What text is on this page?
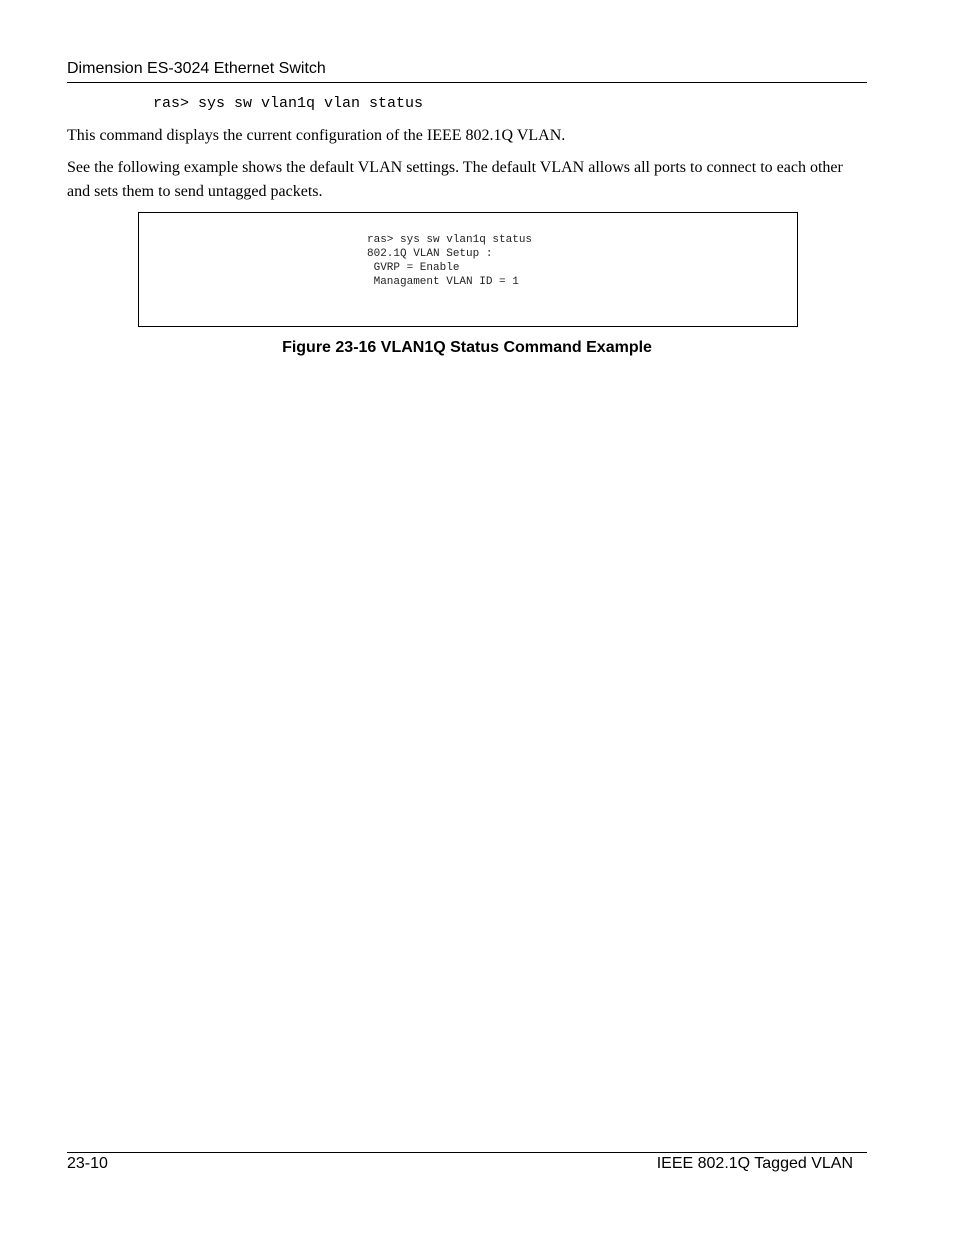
Dimension ES-3024 Ethernet Switch
ras> sys sw vlan1q vlan status
This command displays the current configuration of the IEEE 802.1Q VLAN.
See the following example shows the default VLAN settings. The default VLAN allows all ports to connect to each other and sets them to send untagged packets.
ras> sys sw vlan1q status
802.1Q VLAN Setup :
GVRP = Enable
Managament VLAN ID = 1
Figure 23-16 VLAN1Q Status Command Example
23-10	IEEE 802.1Q Tagged VLAN
